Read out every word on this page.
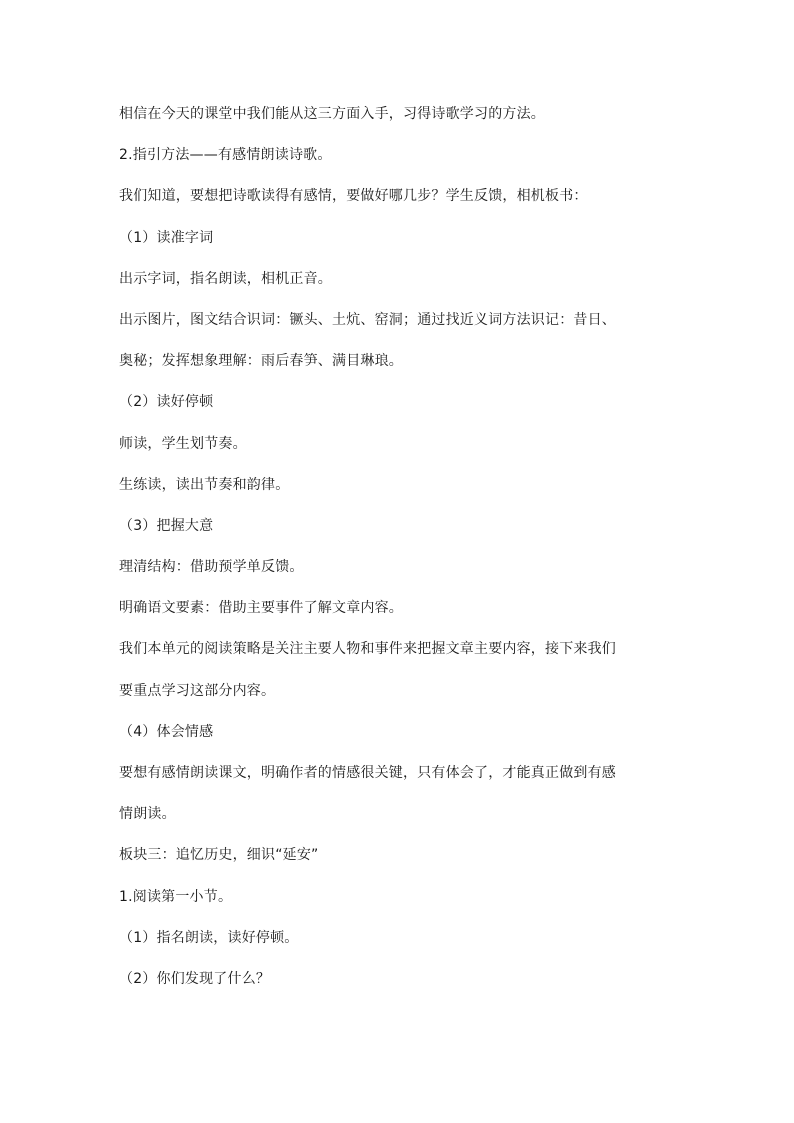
相信在今天的课堂中我们能从这三方面入手，习得诗歌学习的方法。
2.指引方法——有感情朗读诗歌。
我们知道，要想把诗歌读得有感情，要做好哪几步？学生反馈，相机板书：
（1）读准字词
出示字词，指名朗读，相机正音。
出示图片，图文结合识词：镢头、土炕、窑洞；通过找近义词方法识记：昔日、
奥秘；发挥想象理解：雨后春笋、满目琳琅。
（2）读好停顿
师读，学生划节奏。
生练读，读出节奏和韵律。
（3）把握大意
理清结构：借助预学单反馈。
明确语文要素：借助主要事件了解文章内容。
我们本单元的阅读策略是关注主要人物和事件来把握文章主要内容，接下来我们
要重点学习这部分内容。
（4）体会情感
要想有感情朗读课文，明确作者的情感很关键，只有体会了，才能真正做到有感
情朗读。
板块三：追忆历史，细识“延安”
1.阅读第一小节。
（1）指名朗读，读好停顿。
（2）你们发现了什么？
